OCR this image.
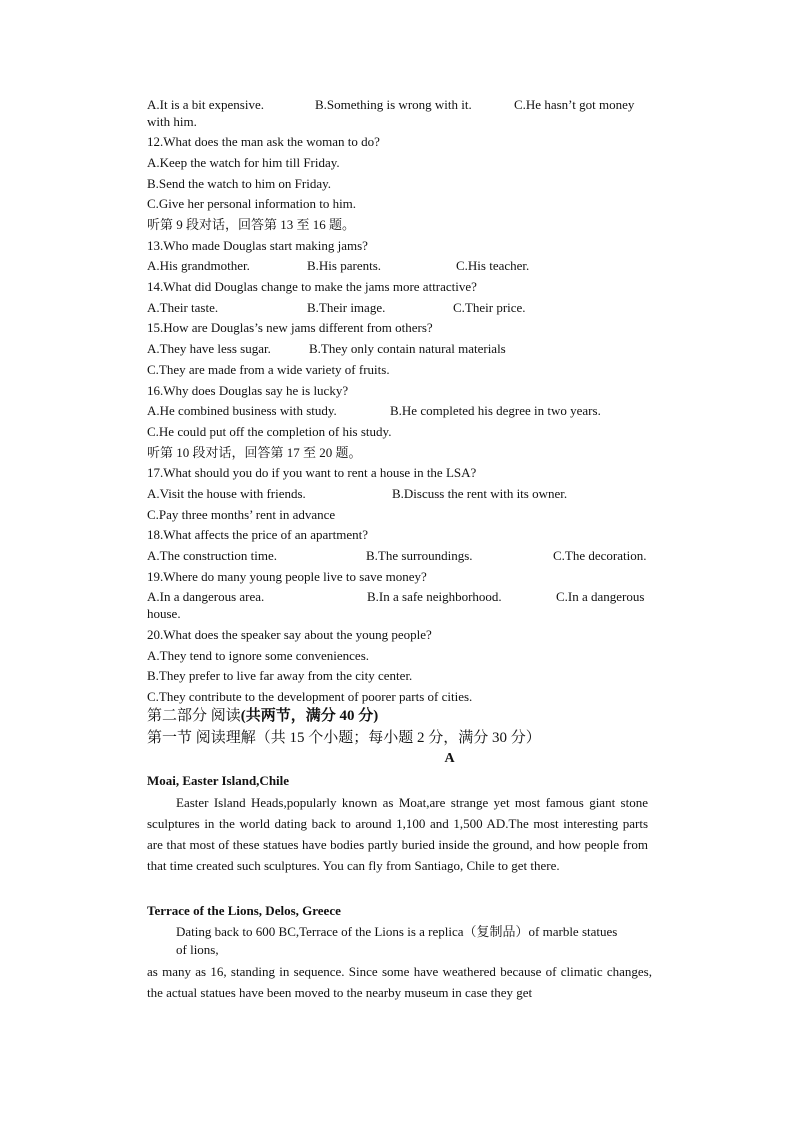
A.It is a bit expensive.	B.Something is wrong with it.	C.He hasn’t got money
with him.
12.What does the man ask the woman to do?
A.Keep the watch for him till Friday.
B.Send the watch to him on Friday.
C.Give her personal information to him.
听第 9 段对话，回答第 13 至 16 题。
13.Who made Douglas start making jams?
A.His grandmother.	B.His parents.	C.His teacher.
14.What did Douglas change to make the jams more attractive?
A.Their taste.	B.Their image.	C.Their price.
15.How are Douglas’s new jams different from others?
A.They have less sugar.	B.They only contain natural materials
C.They are made from a wide variety of fruits.
16.Why does Douglas say he is lucky?
A.He combined business with study.	B.He completed his degree in two years.
C.He could put off the completion of his study.
听第 10 段对话，回答第 17 至 20 题。
17.What should you do if you want to rent a house in the LSA?
A.Visit the house with friends.	B.Discuss the rent with its owner.
C.Pay three months’ rent in advance
18.What affects the price of an apartment?
A.The construction time.	B.The surroundings.	C.The decoration.
19.Where do many young people live to save money?
A.In a dangerous area.	B.In a safe neighborhood.	C.In a dangerous
house.
20.What does the speaker say about the young people?
A.They tend to ignore some conveniences.
B.They prefer to live far away from the city center.
C.They contribute to the development of poorer parts of cities.
第二部分 阅读(共两节，满分 40 分)
第一节 阅读理解（共 15 个小题；每小题 2 分，满分 30 分）
A
Moai, Easter Island,Chile
Easter Island Heads,popularly known as Moat,are strange yet most famous giant stone sculptures in the world dating back to around 1,100 and 1,500 AD.The most interesting parts are that most of these statues have bodies partly buried inside the ground, and how people from that time created such sculptures. You can fly from Santiago, Chile to get there.
Terrace of the Lions, Delos, Greece
Dating back to 600 BC,Terrace of the Lions is a replica（复制品）of marble statues
of lions,
as many as 16, standing in sequence. Since some have weathered because of climatic changes, the actual statues have been moved to the nearby museum in case they get
